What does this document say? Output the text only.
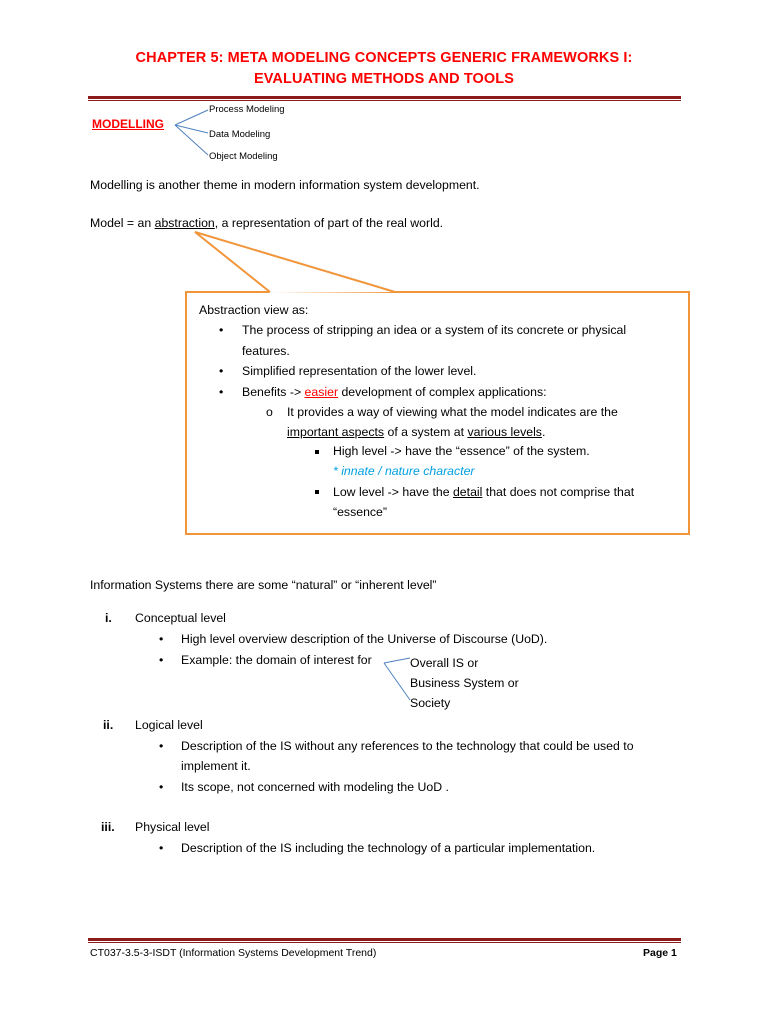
CHAPTER 5: META MODELING CONCEPTS GENERIC FRAMEWORKS I:
EVALUATING METHODS AND TOOLS
MODELLING
Process Modeling
Data Modeling
Object Modeling
Modelling is another theme in modern information system development.
Model = an abstraction, a representation of part of the real world.
Abstraction view as:
• The process of stripping an idea or a system of its concrete or physical
features.
• Simplified representation of the lower level.
• Benefits -> easier development of complex applications:
o It provides a way of viewing what the model indicates are the
important aspects of a system at various levels.
High level -> have the “essence” of the system.
* innate / nature character
Low level -> have the detail that does not comprise that
“essence”
Information Systems there are some “natural” or “inherent level”
i. Conceptual level
• High level overview description of the Universe of Discourse (UoD).
• Example: the domain of interest for	Overall IS or
Business System or
Society
ii. Logical level
• Description of the IS without any references to the technology that could be used to
implement it.
• Its scope, not concerned with modeling the UoD .
iii. Physical level
• Description of the IS including the technology of a particular implementation.
CT037-3.5-3-ISDT (Information Systems Development Trend)	Page 1
